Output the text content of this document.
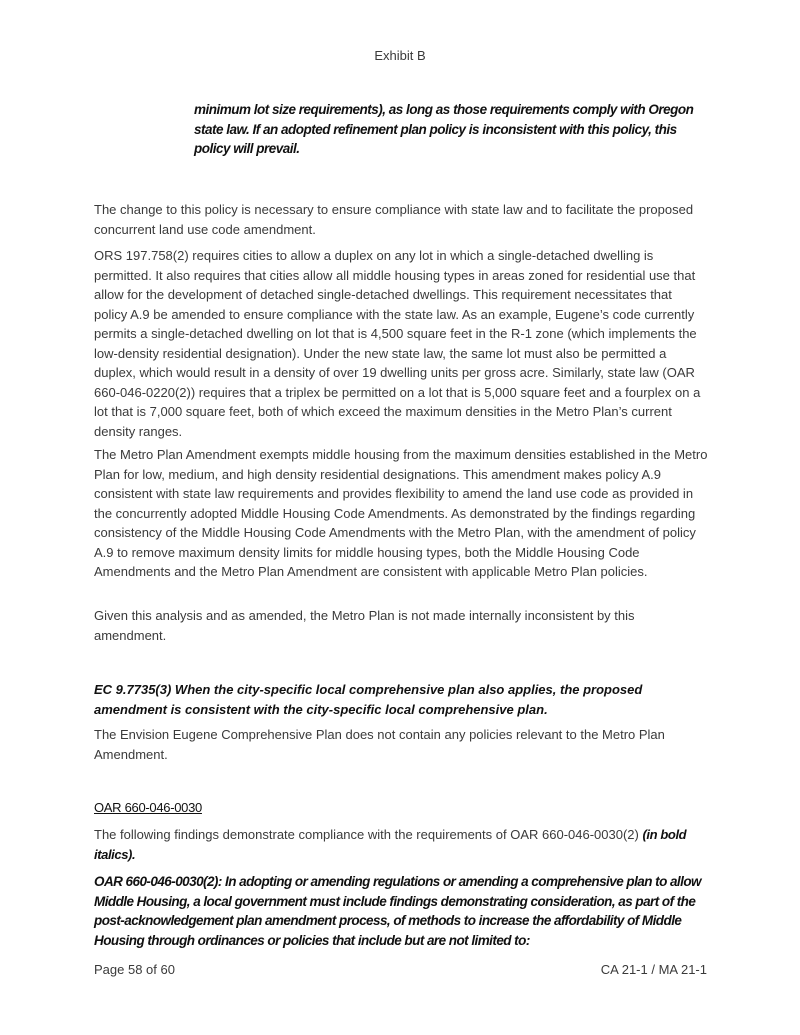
Exhibit B

minimum lot size requirements), as long as those requirements comply with Oregon state law. If an adopted refinement plan policy is inconsistent with this policy, this policy will prevail.

The change to this policy is necessary to ensure compliance with state law and to facilitate the proposed concurrent land use code amendment.

ORS 197.758(2) requires cities to allow a duplex on any lot in which a single-detached dwelling is permitted. It also requires that cities allow all middle housing types in areas zoned for residential use that allow for the development of detached single-detached dwellings. This requirement necessitates that policy A.9 be amended to ensure compliance with the state law. As an example, Eugene’s code currently permits a single-detached dwelling on lot that is 4,500 square feet in the R-1 zone (which implements the low-density residential designation). Under the new state law, the same lot must also be permitted a duplex, which would result in a density of over 19 dwelling units per gross acre. Similarly, state law (OAR 660-046-0220(2)) requires that a triplex be permitted on a lot that is 5,000 square feet and a fourplex on a lot that is 7,000 square feet, both of which exceed the maximum densities in the Metro Plan’s current density ranges.

The Metro Plan Amendment exempts middle housing from the maximum densities established in the Metro Plan for low, medium, and high density residential designations. This amendment makes policy A.9 consistent with state law requirements and provides flexibility to amend the land use code as provided in the concurrently adopted Middle Housing Code Amendments. As demonstrated by the findings regarding consistency of the Middle Housing Code Amendments with the Metro Plan, with the amendment of policy A.9 to remove maximum density limits for middle housing types, both the Middle Housing Code Amendments and the Metro Plan Amendment are consistent with applicable Metro Plan policies.

Given this analysis and as amended, the Metro Plan is not made internally inconsistent by this amendment.

EC 9.7735(3) When the city-specific local comprehensive plan also applies, the proposed amendment is consistent with the city-specific local comprehensive plan.

The Envision Eugene Comprehensive Plan does not contain any policies relevant to the Metro Plan Amendment.

OAR 660-046-0030

The following findings demonstrate compliance with the requirements of OAR 660-046-0030(2) (in bold italics).

OAR 660-046-0030(2): In adopting or amending regulations or amending a comprehensive plan to allow Middle Housing, a local government must include findings demonstrating consideration, as part of the post-acknowledgement plan amendment process, of methods to increase the affordability of Middle Housing through ordinances or policies that include but are not limited to:
Page 58 of 60	CA 21-1 / MA 21-1
